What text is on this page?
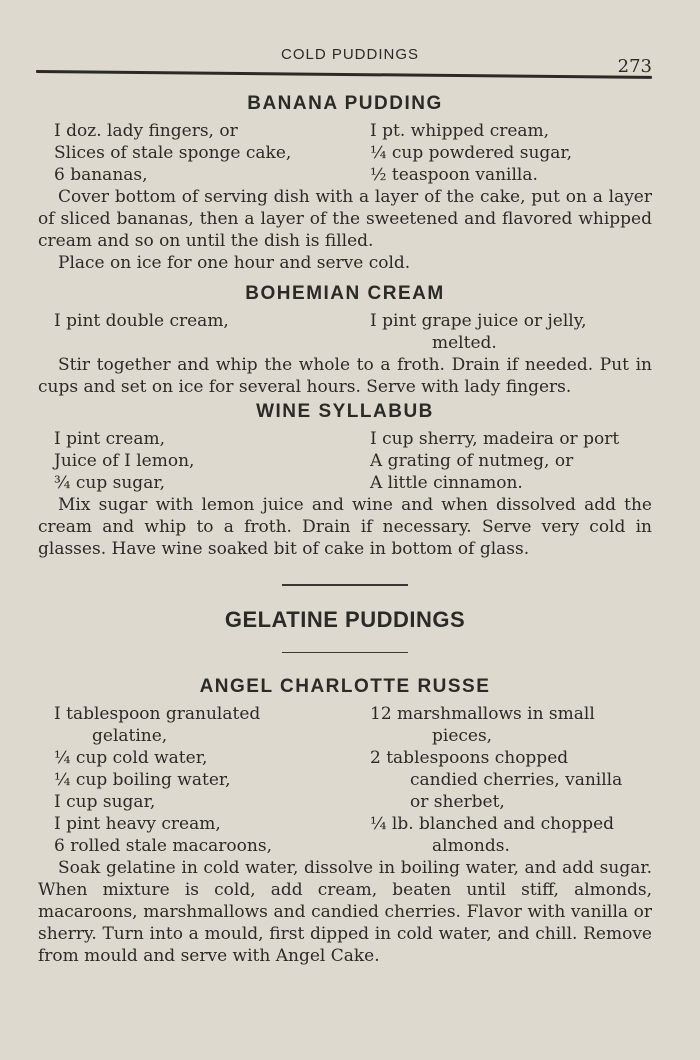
COLD PUDDINGS
273
BANANA PUDDING
I doz. lady fingers, or
Slices of stale sponge cake,
6 bananas,
I pt. whipped cream,
¼ cup powdered sugar,
½ teaspoon vanilla.

Cover bottom of serving dish with a layer of the cake, put on a layer of sliced bananas, then a layer of the sweetened and flavored whipped cream and so on until the dish is filled.

Place on ice for one hour and serve cold.

BOHEMIAN CREAM
I pint double cream,	I pint grape juice or jelly,
melted.

Stir together and whip the whole to a froth. Drain if needed. Put in cups and set on ice for several hours. Serve with lady fingers.

WINE SYLLABUB
I pint cream,
Juice of I lemon,
¾ cup sugar,
I cup sherry, madeira or port
A grating of nutmeg, or
A little cinnamon.

Mix sugar with lemon juice and wine and when dissolved add the cream and whip to a froth. Drain if necessary. Serve very cold in glasses. Have wine soaked bit of cake in bottom of glass.

GELATINE PUDDINGS
ANGEL CHARLOTTE RUSSE
I tablespoon granulated
gelatine,
¼ cup cold water,
¼ cup boiling water,
I cup sugar,
I pint heavy cream,
6 rolled stale macaroons,
12 marshmallows in small
pieces,
2 tablespoons chopped
candied cherries, vanilla
or sherbet,
¼ lb. blanched and chopped
almonds.

Soak gelatine in cold water, dissolve in boiling water, and add sugar. When mixture is cold, add cream, beaten until stiff, almonds, macaroons, marshmallows and candied cherries. Flavor with vanilla or sherry. Turn into a mould, first dipped in cold water, and chill. Remove from mould and serve with Angel Cake.
